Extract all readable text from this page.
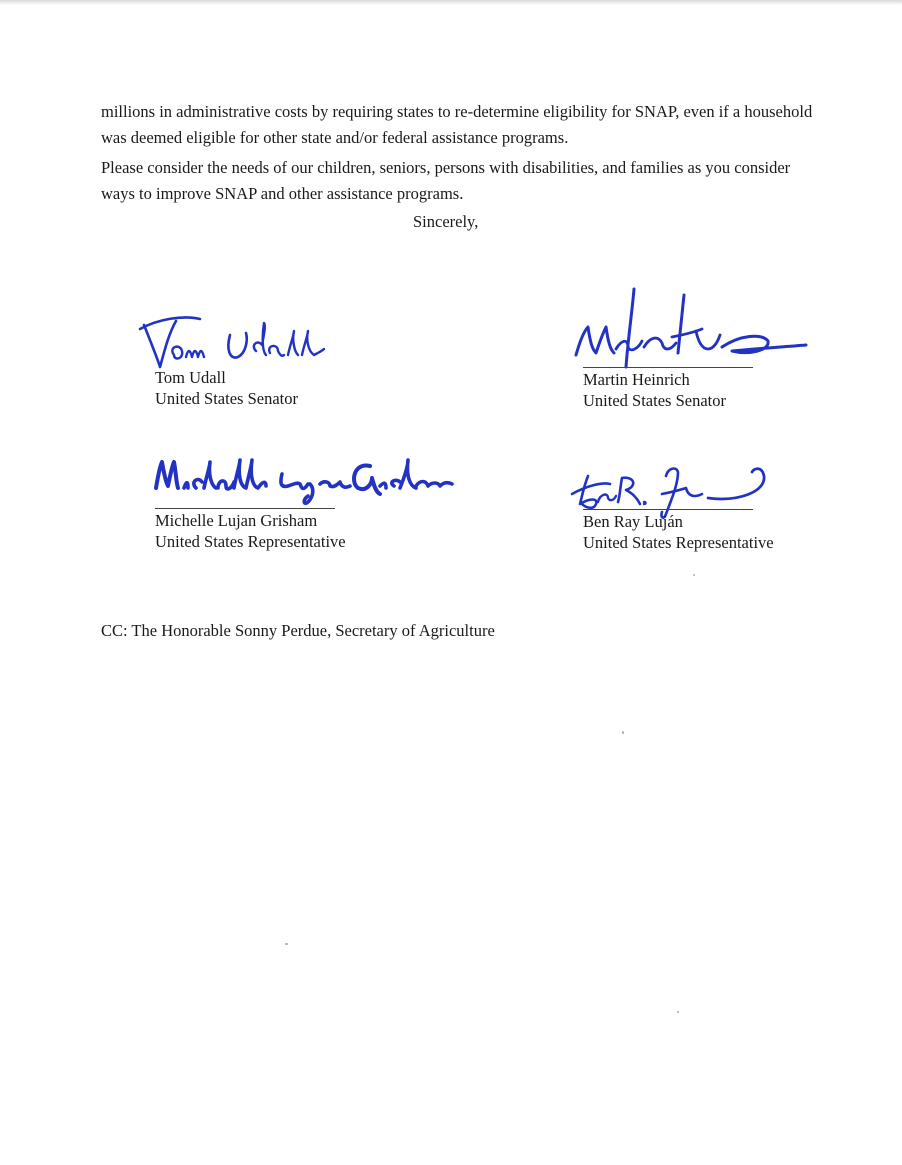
millions in administrative costs by requiring states to re-determine eligibility for SNAP, even if a household was deemed eligible for other state and/or federal assistance programs.

Please consider the needs of our children, seniors, persons with disabilities, and families as you consider ways to improve SNAP and other assistance programs.

Sincerely,
Tom Udall
United States Senator
Martin Heinrich
United States Senator
Michelle Lujan Grisham
United States Representative
Ben Ray Luján
United States Representative
CC: The Honorable Sonny Perdue, Secretary of Agriculture
